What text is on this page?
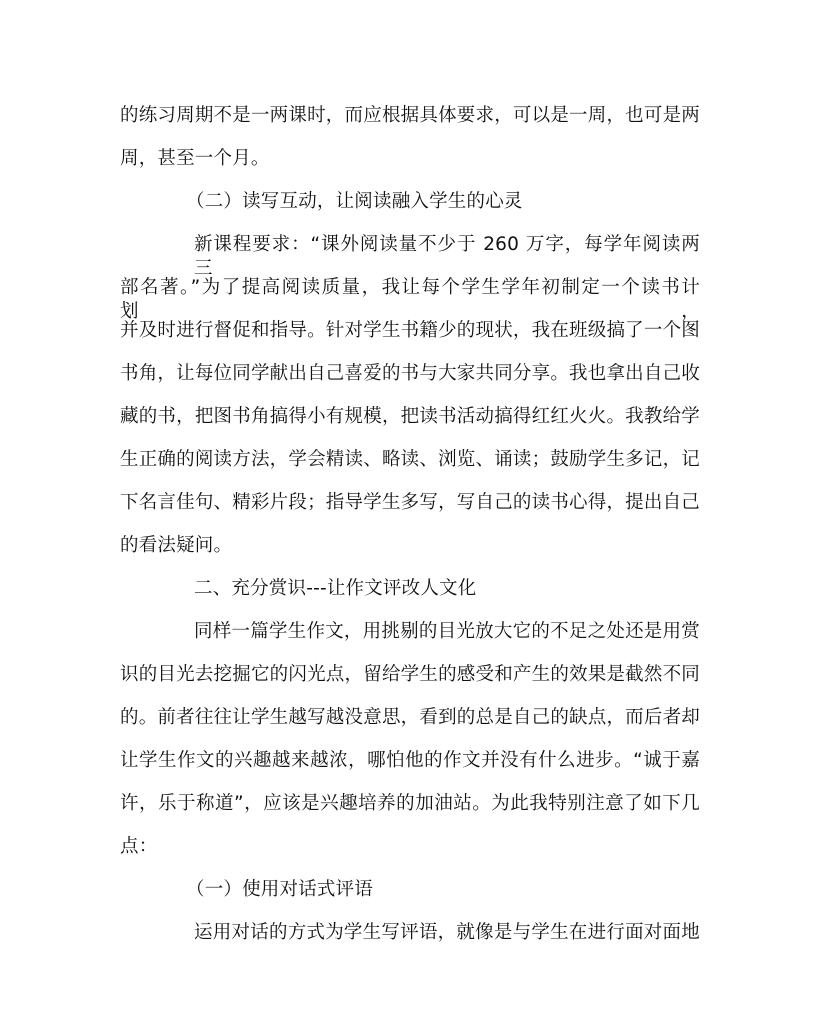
的练习周期不是一两课时，而应根据具体要求，可以是一周，也可是两
周，甚至一个月。
（二）读写互动，让阅读融入学生的心灵
新课程要求：“课外阅读量不少于 260 万字，每学年阅读两三
部名著。”为了提高阅读质量，我让每个学生学年初制定一个读书计划，
并及时进行督促和指导。针对学生书籍少的现状，我在班级搞了一个图
书角，让每位同学献出自己喜爱的书与大家共同分享。我也拿出自己收
藏的书，把图书角搞得小有规模，把读书活动搞得红红火火。我教给学
生正确的阅读方法，学会精读、略读、浏览、诵读；鼓励学生多记，记
下名言佳句、精彩片段；指导学生多写，写自己的读书心得，提出自己
的看法疑问。
二、充分赏识---让作文评改人文化
同样一篇学生作文，用挑剔的目光放大它的不足之处还是用赏
识的目光去挖掘它的闪光点，留给学生的感受和产生的效果是截然不同
的。前者往往让学生越写越没意思，看到的总是自己的缺点，而后者却
让学生作文的兴趣越来越浓，哪怕他的作文并没有什么进步。“诚于嘉
许，乐于称道”，应该是兴趣培养的加油站。为此我特别注意了如下几
点：
（一）使用对话式评语
运用对话的方式为学生写评语，就像是与学生在进行面对面地
